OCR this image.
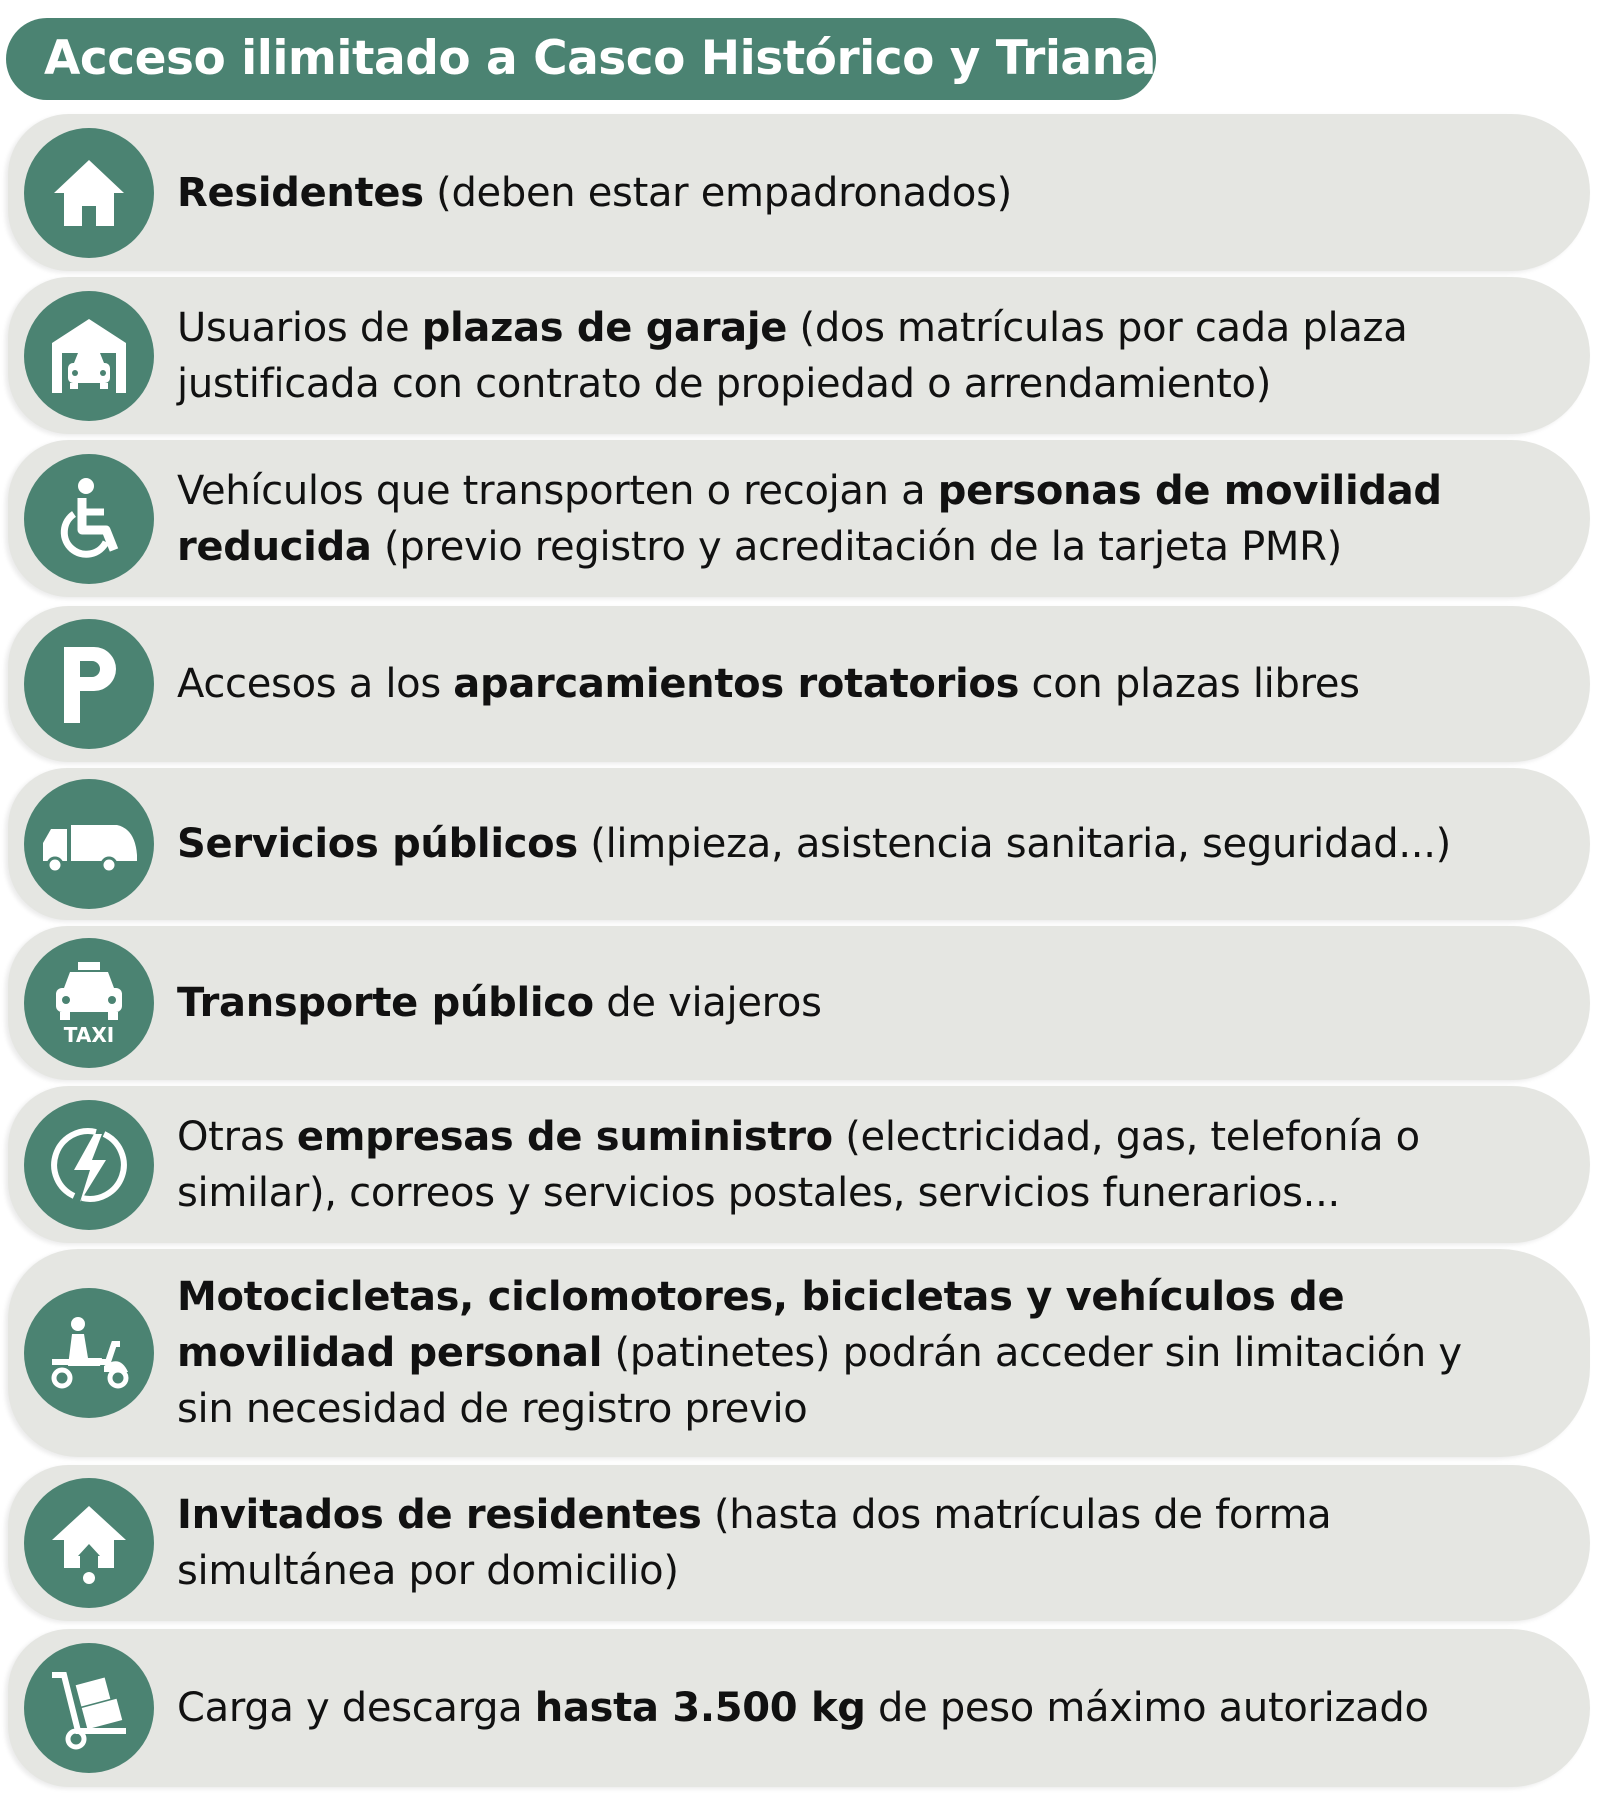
Acceso ilimitado a Casco Histórico y Triana
Residentes (deben estar empadronados)
Usuarios de plazas de garaje (dos matrículas por cada plaza justificada con contrato de propiedad o arrendamiento)
Vehículos que transporten o recojan a personas de movilidad reducida (previo registro y acreditación de la tarjeta PMR)
Accesos a los aparcamientos rotatorios con plazas libres
Servicios públicos (limpieza, asistencia sanitaria, seguridad...)
TAXI
Transporte público de viajeros
Otras empresas de suministro (electricidad, gas, telefonía o similar), correos y servicios postales, servicios funerarios...
Motocicletas, ciclomotores, bicicletas y vehículos de movilidad personal (patinetes) podrán acceder sin limitación y sin necesidad de registro previo
Invitados de residentes (hasta dos matrículas de forma simultánea por domicilio)
Carga y descarga hasta 3.500 kg de peso máximo autorizado
